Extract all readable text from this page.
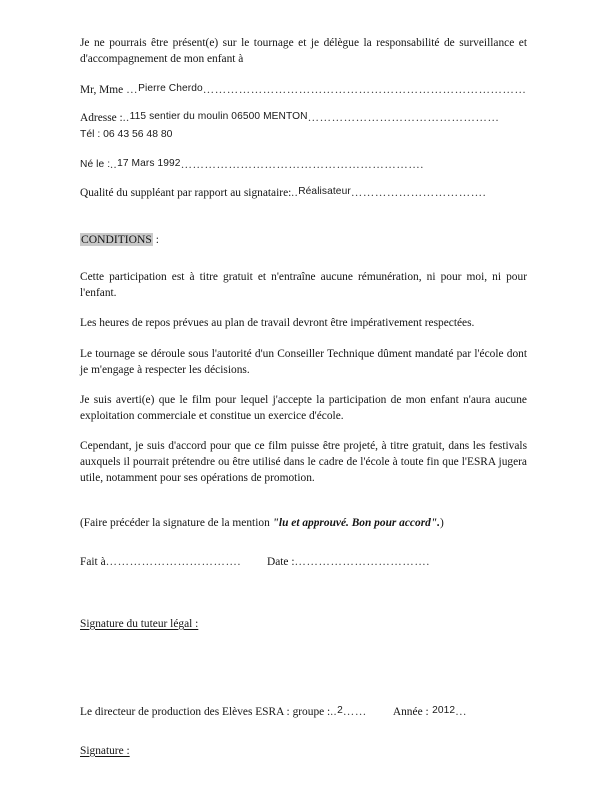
Je ne pourrais être présent(e) sur le tournage et je délègue la responsabilité de surveillance et d'accompagnement de mon enfant à

Mr, Mme …Pierre Cherdo………………………………………………………………………

Adresse :..115 sentier du moulin 06500 MENTON…………………………………………

Tél : 06 43 56 48 80

Né le :..17 Mars 1992…………………………………………………….

Qualité du suppléant par rapport au signataire:..Réalisateur…………………………….

CONDITIONS :

Cette participation est à titre gratuit et n'entraîne aucune rémunération, ni pour moi, ni pour l'enfant.

Les heures de repos prévues au plan de travail devront être impérativement respectées.

Le tournage se déroule sous l'autorité d'un Conseiller Technique dûment mandaté par l'école dont je m'engage à respecter les décisions.

Je suis averti(e) que le film pour lequel j'accepte la participation de mon enfant n'aura aucune exploitation commerciale et constitue un exercice d'école.

Cependant, je suis d'accord pour que ce film puisse être projeté, à titre gratuit, dans les festivals auxquels il pourrait prétendre ou être utilisé dans le cadre de l'école à toute fin que l'ESRA jugera utile, notamment pour ses opérations de promotion.

(Faire précéder la signature de la mention "lu et approuvé. Bon pour accord".)

Fait à……………………………. Date :…………………………….

Signature du tuteur légal :

Le directeur de production des Elèves ESRA : groupe :..2…… Année : 2012…

Signature :
